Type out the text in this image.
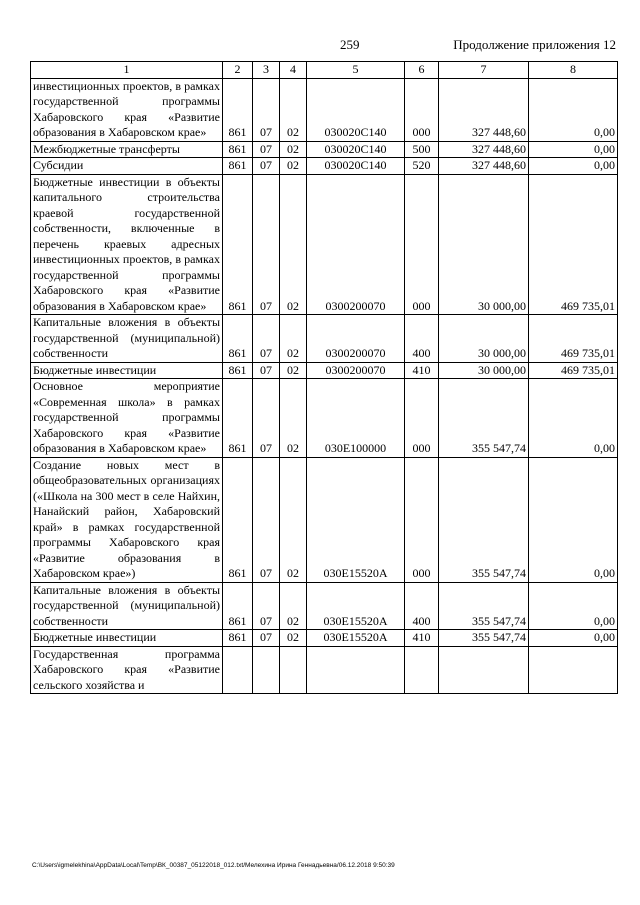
259	Продолжение приложения 12
1	2	3	4	5	6	7	8
инвестиционных проектов, в рамках государственной программы Хабаровского края «Развитие образования в Хабаровском крае»	861	07	02	030020С140	000	327 448,60	0,00
Межбюджетные трансферты	861	07	02	030020С140	500	327 448,60	0,00
Субсидии	861	07	02	030020С140	520	327 448,60	0,00
Бюджетные инвестиции в объекты капитального строительства краевой государственной собственности, включенные в перечень краевых адресных инвестиционных проектов, в рамках государственной программы Хабаровского края «Развитие образования в Хабаровском крае»	861	07	02	0300200070	000	30 000,00	469 735,01
Капитальные вложения в объекты государственной (муниципальной) собственности	861	07	02	0300200070	400	30 000,00	469 735,01
Бюджетные инвестиции	861	07	02	0300200070	410	30 000,00	469 735,01
Основное мероприятие «Современная школа» в рамках государственной программы Хабаровского края «Развитие образования в Хабаровском крае»	861	07	02	030Е100000	000	355 547,74	0,00
Создание новых мест в общеобразовательных организациях («Школа на 300 мест в селе Найхин, Нанайский район, Хабаровский край» в рамках государственной программы Хабаровского края «Развитие образования в Хабаровском крае»)	861	07	02	030Е15520А	000	355 547,74	0,00
Капитальные вложения в объекты государственной (муниципальной) собственности	861	07	02	030Е15520А	400	355 547,74	0,00
Бюджетные инвестиции	861	07	02	030Е15520А	410	355 547,74	0,00
Государственная программа Хабаровского края «Развитие сельского хозяйства и							
C:\Users\igmelekhina\AppData\Local\Temp\ВК_00387_05122018_012.txt/Мелехина Ирина Геннадьевна/06.12.2018 9:50:39
